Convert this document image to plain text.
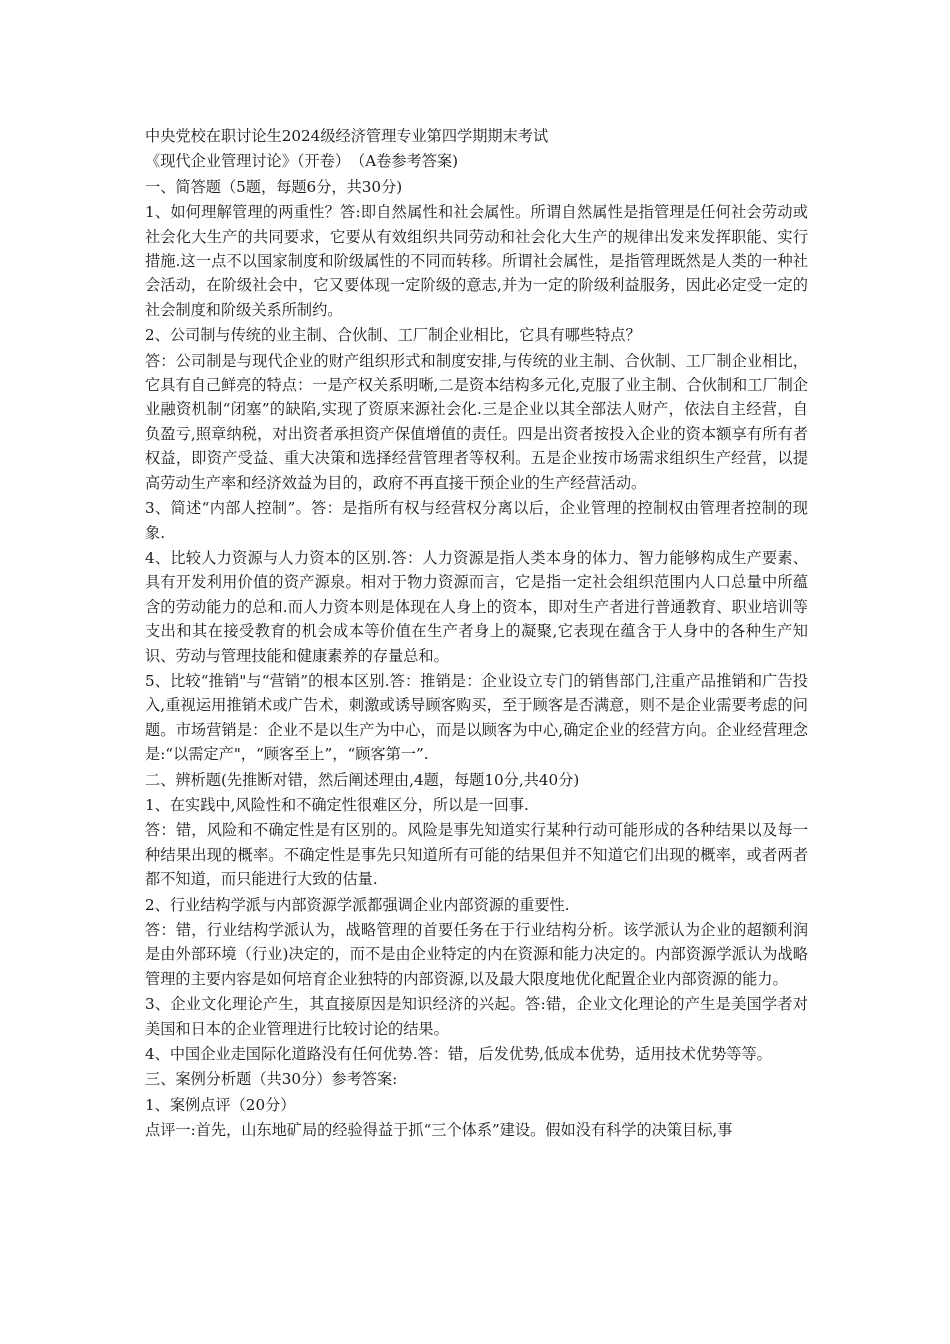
中央党校在职讨论生2024级经济管理专业第四学期期末考试

《现代企业管理讨论》（开卷）　（A卷参考答案)

一、简答题（5题，每题6分，共30分)

1、如何理解管理的两重性？答:即自然属性和社会属性。所谓自然属性是指管理是任何社会劳动或社会化大生产的共同要求，它要从有效组织共同劳动和社会化大生产的规律出发来发挥职能、实行措施.这一点不以国家制度和阶级属性的不同而转移。所谓社会属性，是指管理既然是人类的一种社会活动，在阶级社会中，它又要体现一定阶级的意志,并为一定的阶级利益服务，因此必定受一定的社会制度和阶级关系所制约。

2、公司制与传统的业主制、合伙制、工厂制企业相比，它具有哪些特点？

答：公司制是与现代企业的财产组织形式和制度安排,与传统的业主制、合伙制、工厂制企业相比，它具有自己鲜亮的特点：一是产权关系明晰,二是资本结构多元化,克服了业主制、合伙制和工厂制企业融资机制“闭塞”的缺陷,实现了资原来源社会化.三是企业以其全部法人财产，依法自主经营，自负盈亏,照章纳税，对出资者承担资产保值增值的责任。四是出资者按投入企业的资本额享有所有者权益，即资产受益、重大决策和选择经营管理者等权利。五是企业按市场需求组织生产经营，以提高劳动生产率和经济效益为目的，政府不再直接干预企业的生产经营活动。

3、简述“内部人控制”。答：是指所有权与经营权分离以后，企业管理的控制权由管理者控制的现象.

4、比较人力资源与人力资本的区别.答：人力资源是指人类本身的体力、智力能够构成生产要素、具有开发利用价值的资产源泉。相对于物力资源而言，它是指一定社会组织范围内人口总量中所蕴含的劳动能力的总和.而人力资本则是体现在人身上的资本，即对生产者进行普通教育、职业培训等支出和其在接受教育的机会成本等价值在生产者身上的凝聚,它表现在蕴含于人身中的各种生产知识、劳动与管理技能和健康素养的存量总和。

5、比较“推销"与“营销”的根本区别.答：推销是：企业设立专门的销售部门,注重产品推销和广告投入,重视运用推销术或广告术，刺激或诱导顾客购买，至于顾客是否满意，则不是企业需要考虑的问题。市场营销是：企业不是以生产为中心，而是以顾客为中心,确定企业的经营方向。企业经营理念是:“以需定产"，“顾客至上”，“顾客第一”.

二、辨析题(先推断对错，然后阐述理由,4题，每题10分,共40分)

1、在实践中,风险性和不确定性很难区分，所以是一回事.

答：错，风险和不确定性是有区别的。风险是事先知道实行某种行动可能形成的各种结果以及每一种结果出现的概率。不确定性是事先只知道所有可能的结果但并不知道它们出现的概率，或者两者都不知道，而只能进行大致的估量.

2、行业结构学派与内部资源学派都强调企业内部资源的重要性.

答：错，行业结构学派认为，战略管理的首要任务在于行业结构分析。该学派认为企业的超额利润是由外部环境（行业)决定的，而不是由企业特定的内在资源和能力决定的。内部资源学派认为战略管理的主要内容是如何培育企业独特的内部资源,以及最大限度地优化配置企业内部资源的能力。

3、企业文化理论产生，其直接原因是知识经济的兴起。答:错，企业文化理论的产生是美国学者对美国和日本的企业管理进行比较讨论的结果。

4、中国企业走国际化道路没有任何优势.答：错，后发优势,低成本优势，适用技术优势等等。

三、案例分析题（共30分）参考答案:

1、案例点评（20分）

点评一:首先，山东地矿局的经验得益于抓“三个体系”建设。假如没有科学的决策目标,事
